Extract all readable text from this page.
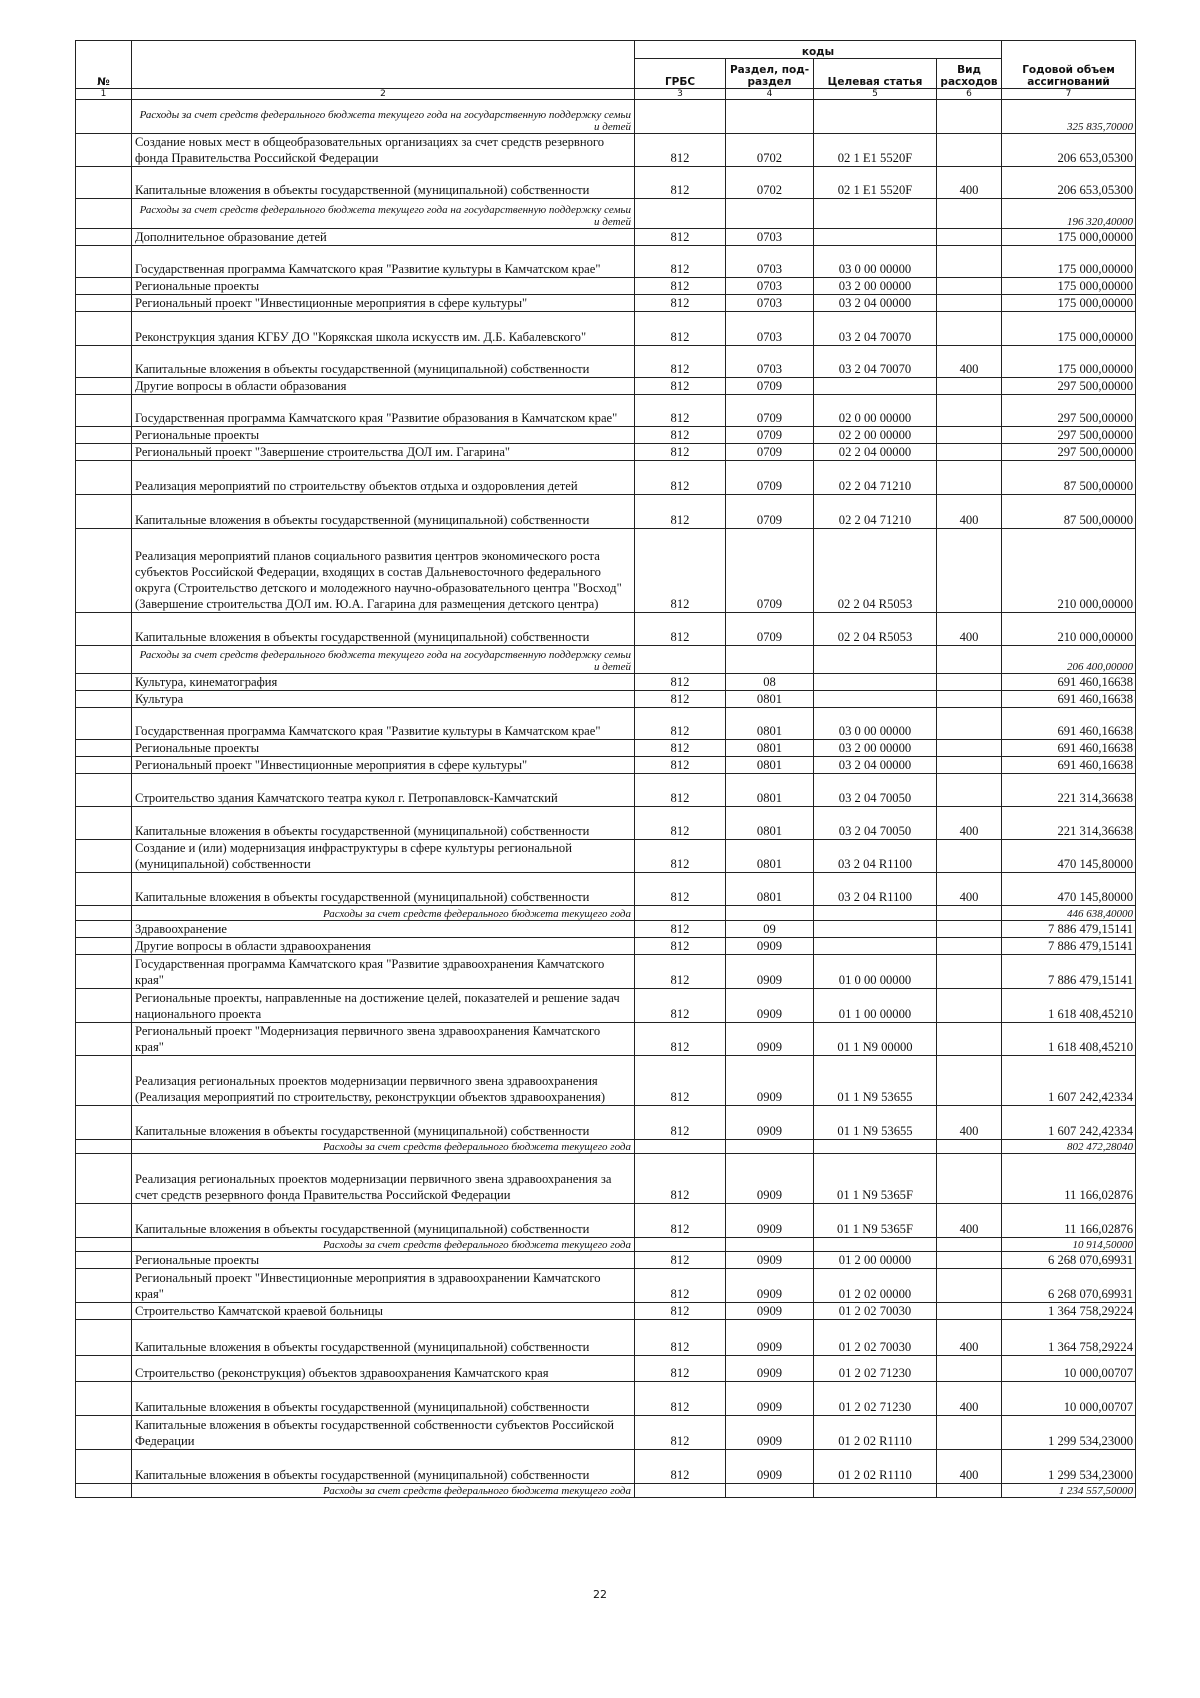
№		коды				Годовой объем ассигнований
		ГРБС	Раздел, под-раздел	Целевая статья	Вид расходов	
1	2	3	4	5	6	7
	Расходы за счет средств федерального бюджета текущего года на государственную поддержку семьи и детей					325 835,70000
	Создание новых мест в общеобразовательных организациях за счет средств резервного фонда Правительства Российской Федерации	812	0702	02 1 E1 5520F		206 653,05300
	Капитальные вложения в объекты государственной (муниципальной) собственности	812	0702	02 1 E1 5520F	400	206 653,05300
	Расходы за счет средств федерального бюджета текущего года на государственную поддержку семьи и детей					196 320,40000
	Дополнительное образование детей	812	0703			175 000,00000
	Государственная программа Камчатского края "Развитие культуры в Камчатском крае"	812	0703	03 0 00 00000		175 000,00000
	Региональные проекты	812	0703	03 2 00 00000		175 000,00000
	Региональный проект "Инвестиционные мероприятия в сфере культуры"	812	0703	03 2 04 00000		175 000,00000
	Реконструкция здания КГБУ ДО "Корякская школа искусств им. Д.Б. Кабалевского"	812	0703	03 2 04 70070		175 000,00000
	Капитальные вложения в объекты государственной (муниципальной) собственности	812	0703	03 2 04 70070	400	175 000,00000
	Другие вопросы в области образования	812	0709			297 500,00000
	Государственная программа Камчатского края "Развитие образования в Камчатском крае"	812	0709	02 0 00 00000		297 500,00000
	Региональные проекты	812	0709	02 2 00 00000		297 500,00000
	Региональный проект "Завершение строительства ДОЛ им. Гагарина"	812	0709	02 2 04 00000		297 500,00000
	Реализация мероприятий по строительству объектов отдыха и оздоровления детей	812	0709	02 2 04 71210		87 500,00000
	Капитальные вложения в объекты государственной (муниципальной) собственности	812	0709	02 2 04 71210	400	87 500,00000
	Реализация мероприятий планов социального развития центров экономического роста субъектов Российской Федерации, входящих в состав Дальневосточного федерального округа (Строительство детского и молодежного научно-образовательного центра "Восход" (Завершение строительства ДОЛ им. Ю.А. Гагарина для размещения детского центра)	812	0709	02 2 04 R5053		210 000,00000
	Капитальные вложения в объекты государственной (муниципальной) собственности	812	0709	02 2 04 R5053	400	210 000,00000
	Расходы за счет средств федерального бюджета текущего года на государственную поддержку семьи и детей					206 400,00000
	Культура, кинематография	812	08			691 460,16638
	Культура	812	0801			691 460,16638
	Государственная программа Камчатского края "Развитие культуры в Камчатском крае"	812	0801	03 0 00 00000		691 460,16638
	Региональные проекты	812	0801	03 2 00 00000		691 460,16638
	Региональный проект "Инвестиционные мероприятия в сфере культуры"	812	0801	03 2 04 00000		691 460,16638
	Строительство здания Камчатского театра кукол г. Петропавловск-Камчатский	812	0801	03 2 04 70050		221 314,36638
	Капитальные вложения в объекты государственной (муниципальной) собственности	812	0801	03 2 04 70050	400	221 314,36638
	Создание и (или) модернизация инфраструктуры в сфере культуры региональной (муниципальной) собственности	812	0801	03 2 04 R1100		470 145,80000
	Капитальные вложения в объекты государственной (муниципальной) собственности	812	0801	03 2 04 R1100	400	470 145,80000
	Расходы за счет средств федерального бюджета текущего года					446 638,40000
	Здравоохранение	812	09			7 886 479,15141
	Другие вопросы в области здравоохранения	812	0909			7 886 479,15141
	Государственная программа Камчатского края "Развитие здравоохранения Камчатского края"	812	0909	01 0 00 00000		7 886 479,15141
	Региональные проекты, направленные на достижение целей, показателей и решение задач национального проекта	812	0909	01 1 00 00000		1 618 408,45210
	Региональный проект "Модернизация первичного звена здравоохранения Камчатского края"	812	0909	01 1 N9 00000		1 618 408,45210
	Реализация региональных проектов модернизации первичного звена здравоохранения (Реализация мероприятий по строительству, реконструкции объектов здравоохранения)	812	0909	01 1 N9 53655		1 607 242,42334
	Капитальные вложения в объекты государственной (муниципальной) собственности	812	0909	01 1 N9 53655	400	1 607 242,42334
	Расходы за счет средств федерального бюджета текущего года					802 472,28040
	Реализация региональных проектов модернизации первичного звена здравоохранения за счет средств резервного фонда Правительства Российской Федерации	812	0909	01 1 N9 5365F		11 166,02876
	Капитальные вложения в объекты государственной (муниципальной) собственности	812	0909	01 1 N9 5365F	400	11 166,02876
	Расходы за счет средств федерального бюджета текущего года					10 914,50000
	Региональные проекты	812	0909	01 2 00 00000		6 268 070,69931
	Региональный проект "Инвестиционные мероприятия в здравоохранении Камчатского края"	812	0909	01 2 02 00000		6 268 070,69931
	Строительство Камчатской краевой больницы	812	0909	01 2 02 70030		1 364 758,29224
	Капитальные вложения в объекты государственной (муниципальной) собственности	812	0909	01 2 02 70030	400	1 364 758,29224
	Строительство (реконструкция) объектов здравоохранения Камчатского края	812	0909	01 2 02 71230		10 000,00707
	Капитальные вложения в объекты государственной (муниципальной) собственности	812	0909	01 2 02 71230	400	10 000,00707
	Капитальные вложения в объекты государственной собственности субъектов Российской Федерации	812	0909	01 2 02 R1110		1 299 534,23000
	Капитальные вложения в объекты государственной (муниципальной) собственности	812	0909	01 2 02 R1110	400	1 299 534,23000
	Расходы за счет средств федерального бюджета текущего года					1 234 557,50000
22
